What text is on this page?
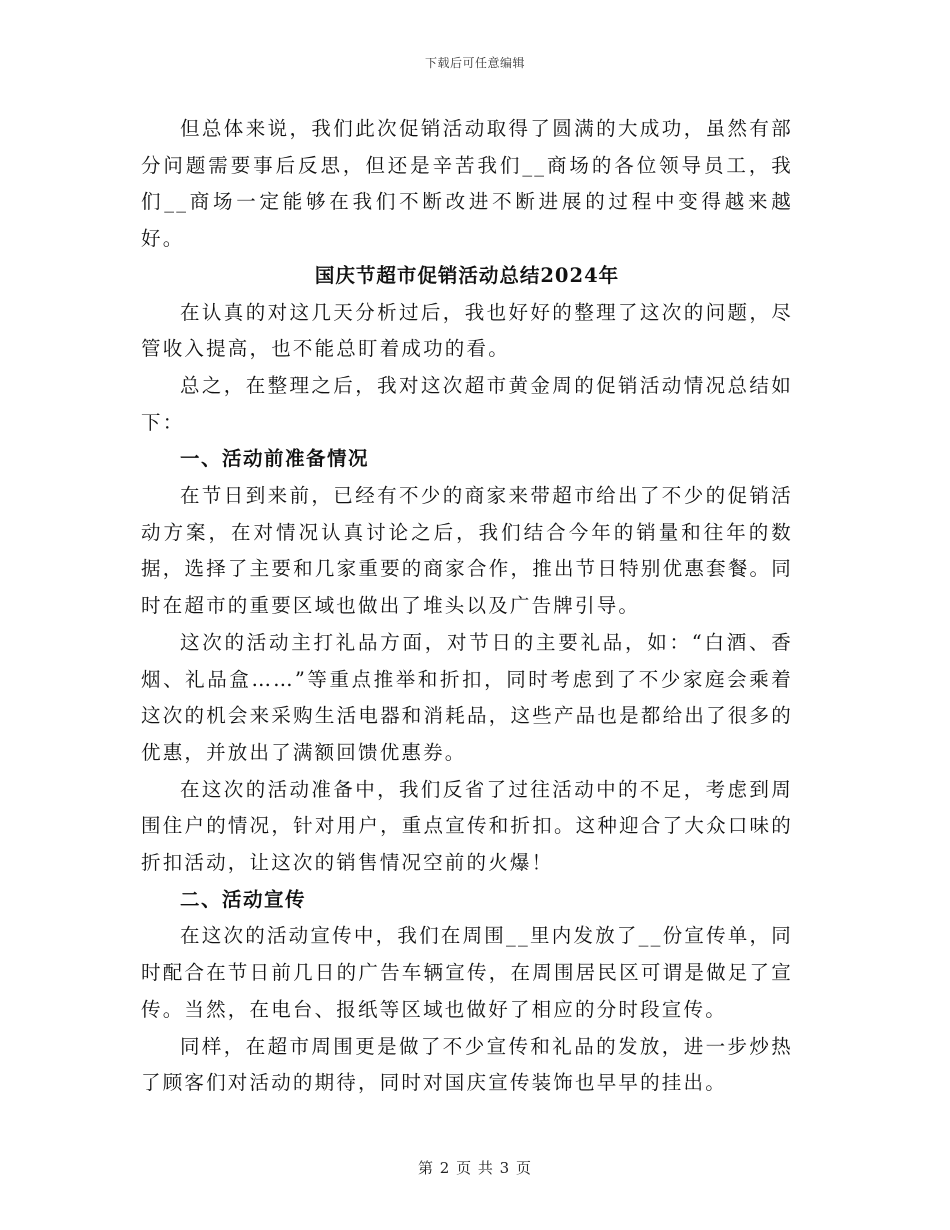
下载后可任意编辑

但总体来说，我们此次促销活动取得了圆满的大成功，虽然有部分问题需要事后反思，但还是辛苦我们__商场的各位领导员工，我们__商场一定能够在我们不断改进不断进展的过程中变得越来越好。

国庆节超市促销活动总结2024年

在认真的对这几天分析过后，我也好好的整理了这次的问题，尽管收入提高，也不能总盯着成功的看。

总之，在整理之后，我对这次超市黄金周的促销活动情况总结如下：

一、活动前准备情况

在节日到来前，已经有不少的商家来带超市给出了不少的促销活动方案，在对情况认真讨论之后，我们结合今年的销量和往年的数据，选择了主要和几家重要的商家合作，推出节日特别优惠套餐。同时在超市的重要区域也做出了堆头以及广告牌引导。

这次的活动主打礼品方面，对节日的主要礼品，如：“白酒、香烟、礼品盒……”等重点推举和折扣，同时考虑到了不少家庭会乘着这次的机会来采购生活电器和消耗品，这些产品也是都给出了很多的优惠，并放出了满额回馈优惠券。

在这次的活动准备中，我们反省了过往活动中的不足，考虑到周围住户的情况，针对用户，重点宣传和折扣。这种迎合了大众口味的折扣活动，让这次的销售情况空前的火爆！

二、活动宣传

在这次的活动宣传中，我们在周围__里内发放了__份宣传单，同时配合在节日前几日的广告车辆宣传，在周围居民区可谓是做足了宣传。当然，在电台、报纸等区域也做好了相应的分时段宣传。

同样，在超市周围更是做了不少宣传和礼品的发放，进一步炒热了顾客们对活动的期待，同时对国庆宣传装饰也早早的挂出。

第 2 页 共 3 页
